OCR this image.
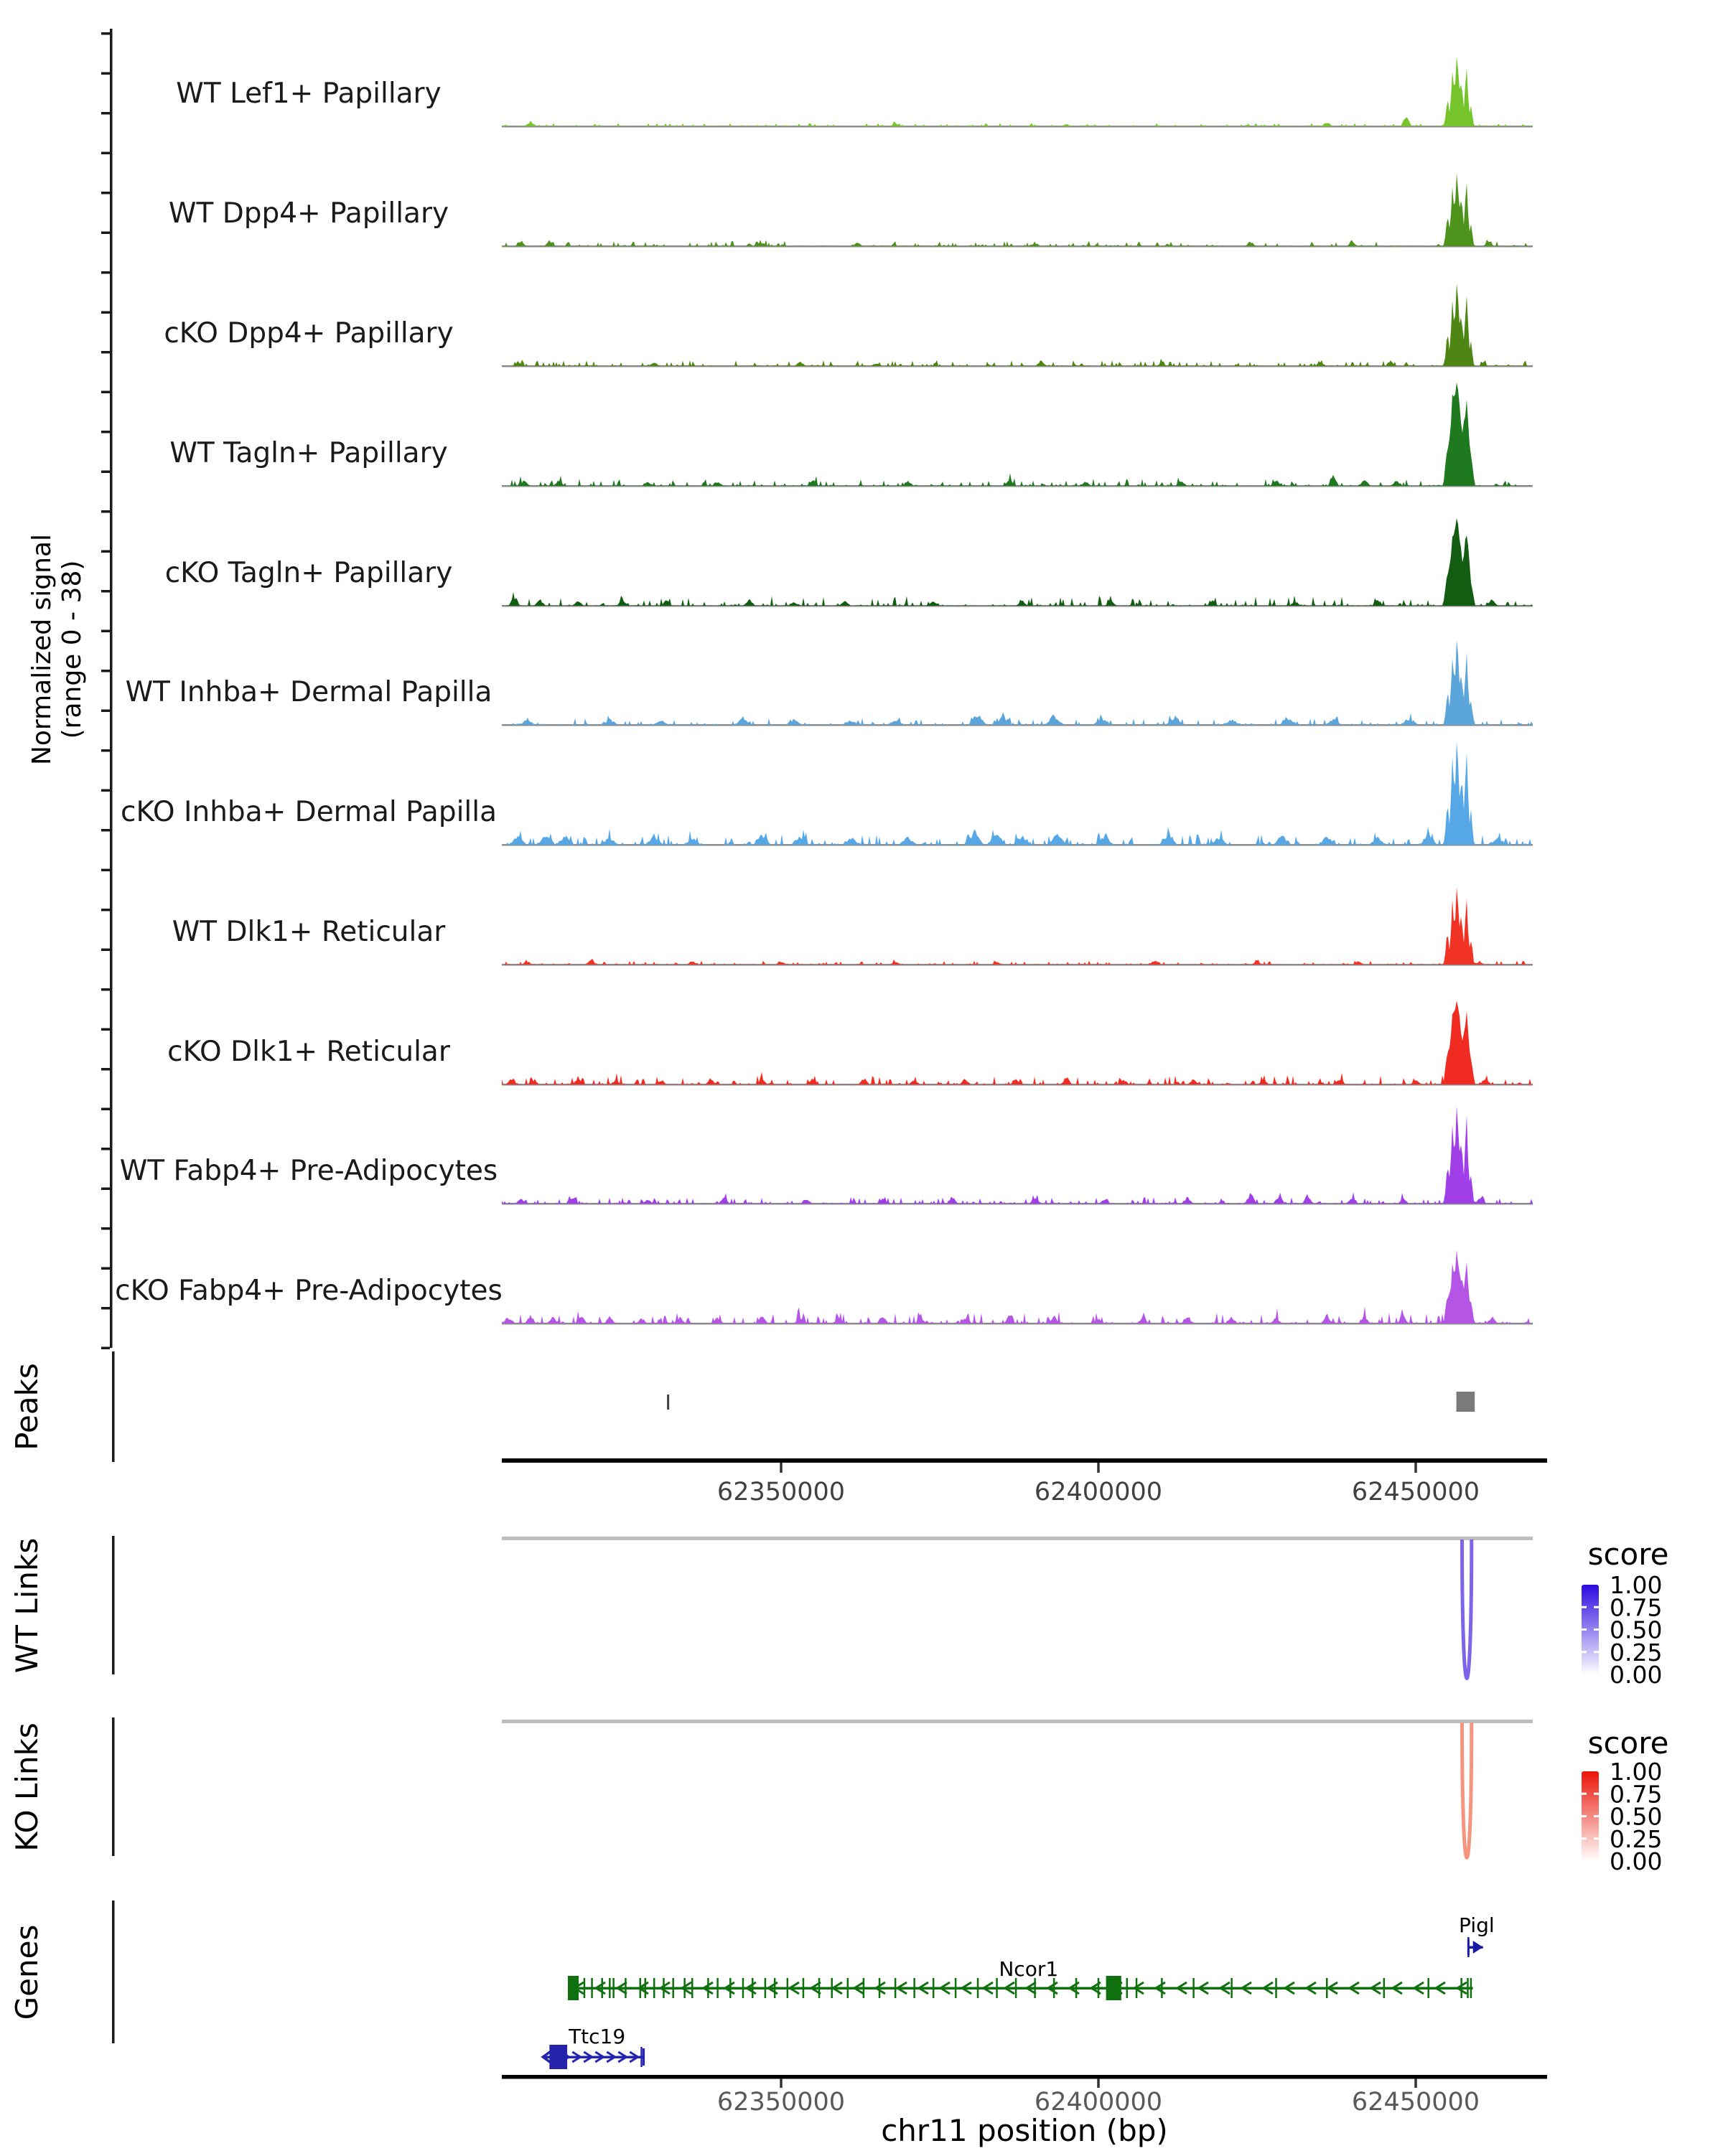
Normalized signal (range 0 - 38)
Peaks
WT Links
KO Links
Genes
score
score
chr11 position (bp)
WT Lef1+ Papillary
WT Dpp4+ Papillary
cKO Dpp4+ Papillary
WT Tagln+ Papillary
cKO Tagln+ Papillary
WT Inhba+ Dermal Papilla
cKO Inhba+ Dermal Papilla
WT Dlk1+ Reticular
cKO Dlk1+ Reticular
WT Fabp4+ Pre-Adipocytes
cKO Fabp4+ Pre-Adipocytes
62350000	62400000	62450000
1.00
0.75
0.50
0.25
0.00
1.00
0.75
0.50
0.25
0.00
Ncor1
Ttc19
Pigl
62350000	62400000	62450000
